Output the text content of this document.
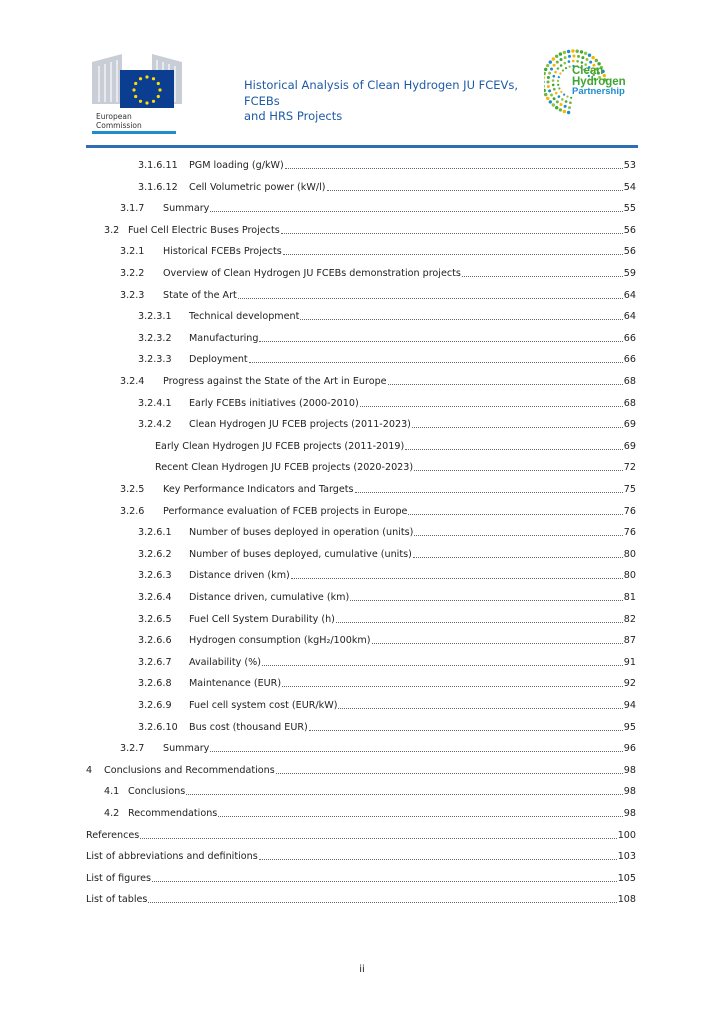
European
Commission
Historical Analysis of Clean Hydrogen JU FCEVs, FCEBs
and HRS Projects
Clean
Hydrogen
Partnership
3.1.6.11	PGM loading (g/kW)	53
3.1.6.12	Cell Volumetric power (kW/l)	54
3.1.7	Summary	55
3.2 Fuel Cell Electric Buses Projects	56
3.2.1	Historical FCEBs Projects	56
3.2.2	Overview of Clean Hydrogen JU FCEBs demonstration projects	59
3.2.3	State of the Art	64
3.2.3.1	Technical development	64
3.2.3.2	Manufacturing	66
3.2.3.3	Deployment	66
3.2.4	Progress against the State of the Art in Europe	68
3.2.4.1	Early FCEBs initiatives (2000-2010)	68
3.2.4.2	Clean Hydrogen JU FCEB projects (2011-2023)	69
Early Clean Hydrogen JU FCEB projects (2011-2019)	69
Recent Clean Hydrogen JU FCEB projects (2020-2023)	72
3.2.5	Key Performance Indicators and Targets	75
3.2.6	Performance evaluation of FCEB projects in Europe	76
3.2.6.1	Number of buses deployed in operation (units)	76
3.2.6.2	Number of buses deployed, cumulative (units)	80
3.2.6.3	Distance driven (km)	80
3.2.6.4	Distance driven, cumulative (km)	81
3.2.6.5	Fuel Cell System Durability (h)	82
3.2.6.6	Hydrogen consumption (kgH₂/100km)	87
3.2.6.7	Availability (%)	91
3.2.6.8	Maintenance (EUR)	92
3.2.6.9	Fuel cell system cost (EUR/kW)	94
3.2.6.10	Bus cost (thousand EUR)	95
3.2.7	Summary	96
4	Conclusions and Recommendations	98
4.1 Conclusions	98
4.2 Recommendations	98
References	100
List of abbreviations and definitions	103
List of figures	105
List of tables	108
ii
